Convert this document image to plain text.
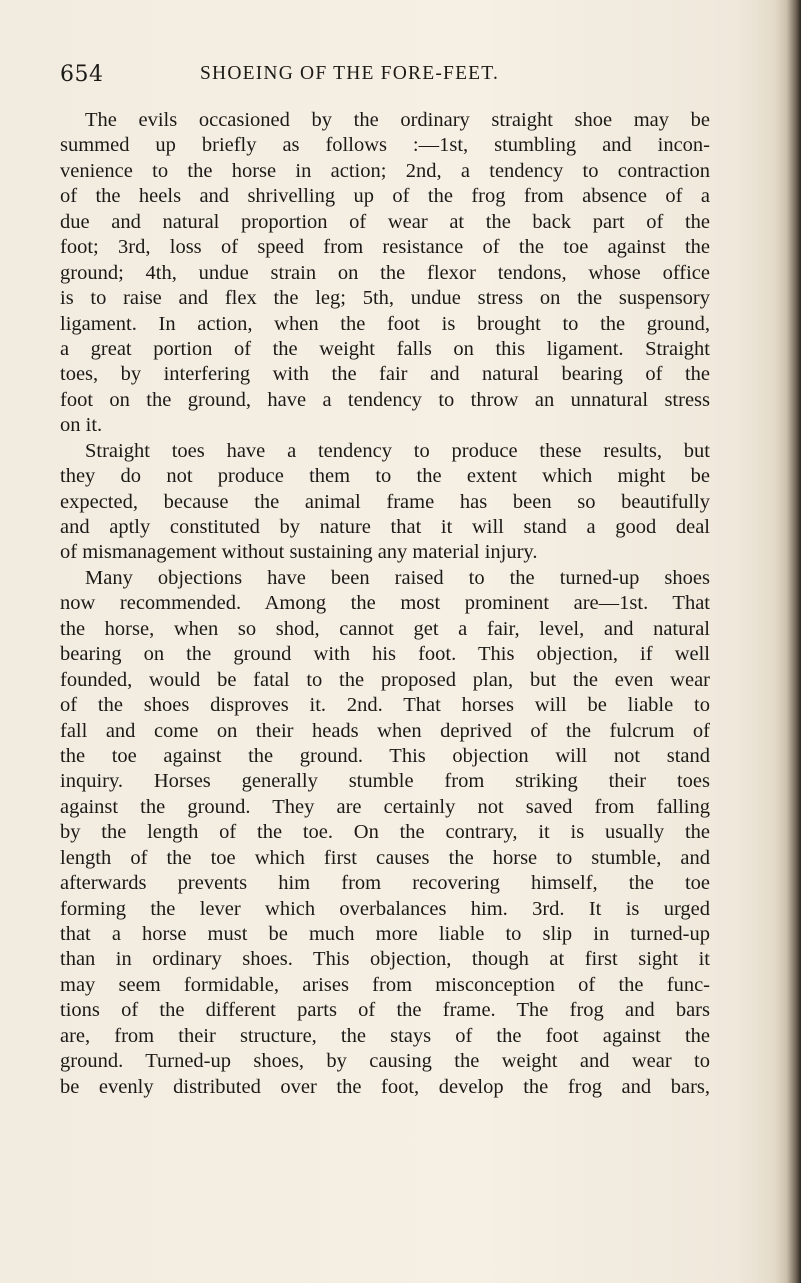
654	SHOEING OF THE FORE-FEET.
The evils occasioned by the ordinary straight shoe may be
summed up briefly as follows :—1st, stumbling and incon-
venience to the horse in action; 2nd, a tendency to contraction
of the heels and shrivelling up of the frog from absence of a
due and natural proportion of wear at the back part of the
foot; 3rd, loss of speed from resistance of the toe against the
ground; 4th, undue strain on the flexor tendons, whose office
is to raise and flex the leg; 5th, undue stress on the suspensory
ligament. In action, when the foot is brought to the ground,
a great portion of the weight falls on this ligament. Straight
toes, by interfering with the fair and natural bearing of the
foot on the ground, have a tendency to throw an unnatural stress
on it.
Straight toes have a tendency to produce these results, but
they do not produce them to the extent which might be
expected, because the animal frame has been so beautifully
and aptly constituted by nature that it will stand a good deal
of mismanagement without sustaining any material injury.
Many objections have been raised to the turned-up shoes
now recommended. Among the most prominent are—1st. That
the horse, when so shod, cannot get a fair, level, and natural
bearing on the ground with his foot. This objection, if well
founded, would be fatal to the proposed plan, but the even wear
of the shoes disproves it. 2nd. That horses will be liable to
fall and come on their heads when deprived of the fulcrum of
the toe against the ground. This objection will not stand
inquiry. Horses generally stumble from striking their toes
against the ground. They are certainly not saved from falling
by the length of the toe. On the contrary, it is usually the
length of the toe which first causes the horse to stumble, and
afterwards prevents him from recovering himself, the toe
forming the lever which overbalances him. 3rd. It is urged
that a horse must be much more liable to slip in turned-up
than in ordinary shoes. This objection, though at first sight it
may seem formidable, arises from misconception of the func-
tions of the different parts of the frame. The frog and bars
are, from their structure, the stays of the foot against the
ground. Turned-up shoes, by causing the weight and wear to
be evenly distributed over the foot, develop the frog and bars,
